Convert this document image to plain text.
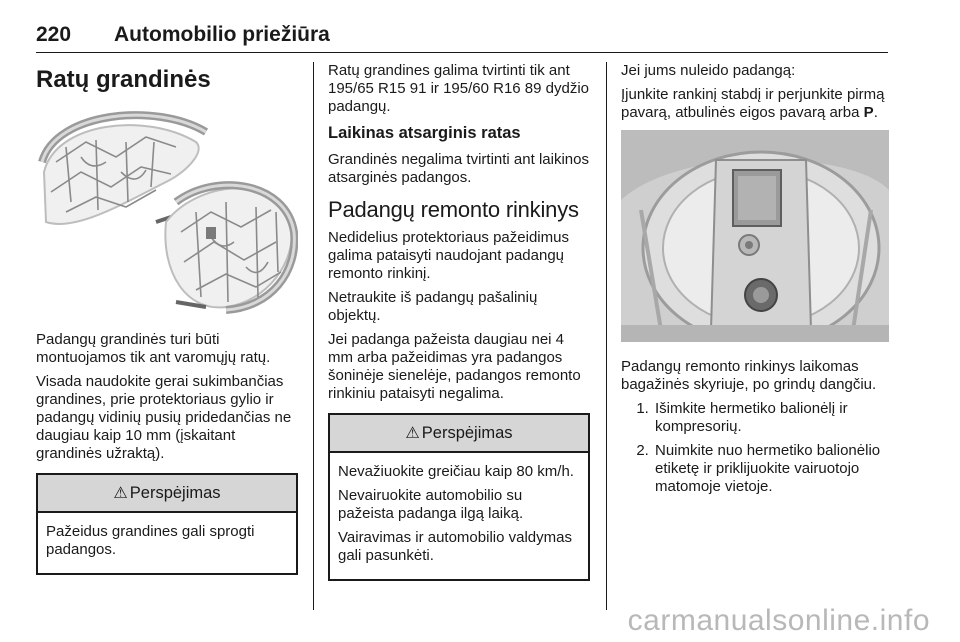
220 Automobilio priežiūra
Ratų grandinės

Padangų grandinės turi būti montuojamos tik ant varomųjų ratų.

Visada naudokite gerai sukimbančias grandines, prie protektoriaus gylio ir padangų vidinių pusių pridedančias ne daugiau kaip 10 mm (įskaitant grandinės užraktą).

⚠ Perspėjimas

Pažeidus grandines gali sprogti padangos.

Ratų grandines galima tvirtinti tik ant 195/65 R15 91 ir 195/60 R16 89 dydžio padangų.

Laikinas atsarginis ratas

Grandinės negalima tvirtinti ant laikinos atsarginės padangos.

Padangų remonto rinkinys

Nedidelius protektoriaus pažeidimus galima pataisyti naudojant padangų remonto rinkinį.

Netraukite iš padangų pašalinių objektų.

Jei padanga pažeista daugiau nei 4 mm arba pažeidimas yra padangos šoninėje sienelėje, padangos remonto rinkiniu pataisyti negalima.

⚠ Perspėjimas

Nevažiuokite greičiau kaip 80 km/h.

Nevairuokite automobilio su pažeista padanga ilgą laiką.

Vairavimas ir automobilio valdymas gali pasunkėti.

Jei jums nuleido padangą:

Įjunkite rankinį stabdį ir perjunkite pirmą pavarą, atbulinės eigos pavarą arba P.

Padangų remonto rinkinys laikomas bagažinės skyriuje, po grindų dangčiu.

1. Išimkite hermetiko balionėlį ir kompresorių.
2. Nuimkite nuo hermetiko balionėlio etiketę ir priklijuokite vairuotojo matomoje vietoje.
carmanualsonline.info
